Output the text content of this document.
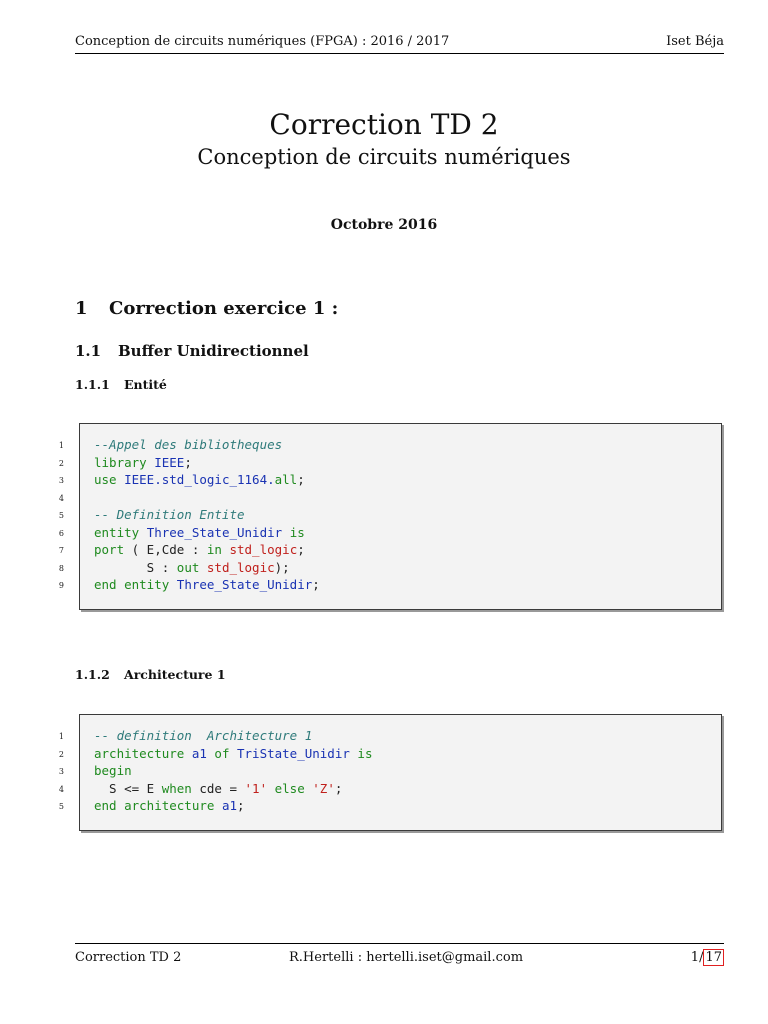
Conception de circuits numériques (FPGA) : 2016 / 2017	Iset Béja
Correction TD 2
Conception de circuits numériques
Octobre 2016
1 Correction exercice 1 :
1.1 Buffer Unidirectionnel
1.1.1 Entité
1 --Appel des bibliotheques
2 library IEEE;
3 use IEEE.std_logic_1164.all;
4
5 -- Definition Entite
6 entity Three_State_Unidir is
7 port ( E,Cde : in std_logic;
8 S : out std_logic);
9 end entity Three_State_Unidir;
1.1.2 Architecture 1
1 -- definition  Architecture 1
2 architecture a1 of TriState_Unidir is
3 begin
4 S <= E when cde = '1' else 'Z';
5 end architecture a1;
Correction TD 2	R.Hertelli : hertelli.iset@gmail.com	1/ 17
